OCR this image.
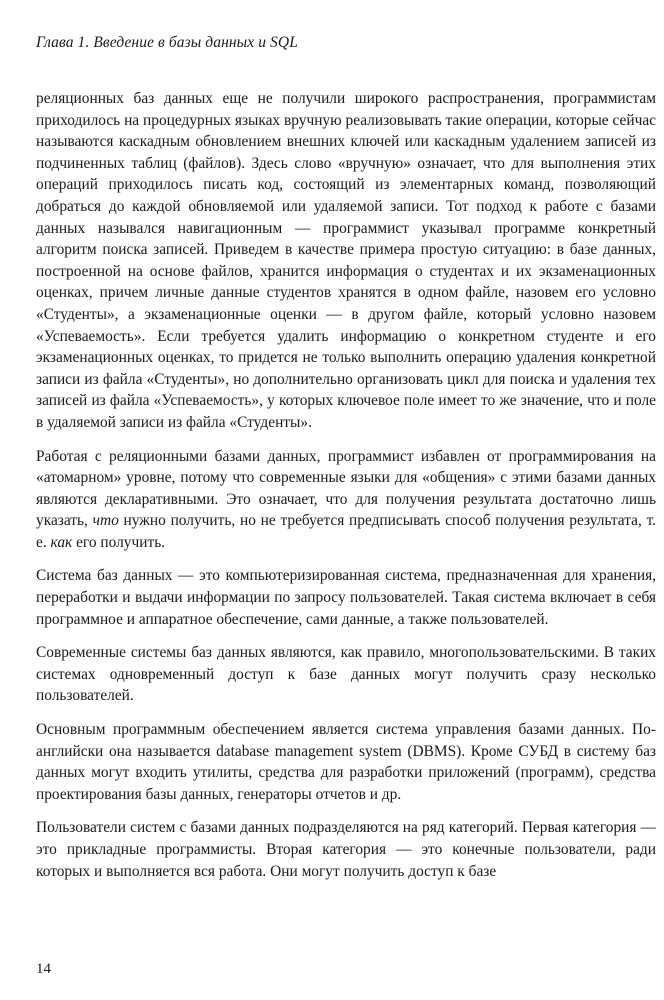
Глава 1. Введение в базы данных и SQL

реляционных баз данных еще не получили широкого распространения, программистам приходилось на процедурных языках вручную реализовывать такие операции, которые сейчас называются каскадным обновлением внешних ключей или каскадным удалением записей из подчиненных таблиц (файлов). Здесь слово «вручную» означает, что для выполнения этих операций приходилось писать код, состоящий из элементарных команд, позволяющий добраться до каждой обновляемой или удаляемой записи. Тот подход к работе с базами данных назывался навигационным — программист указывал программе конкретный алгоритм поиска записей. Приведем в качестве примера простую ситуацию: в базе данных, построенной на основе файлов, хранится информация о студентах и их экзаменационных оценках, причем личные данные студентов хранятся в одном файле, назовем его условно «Студенты», а экзаменационные оценки — в другом файле, который условно назовем «Успеваемость». Если требуется удалить информацию о конкретном студенте и его экзаменационных оценках, то придется не только выполнить операцию удаления конкретной записи из файла «Студенты», но дополнительно организовать цикл для поиска и удаления тех записей из файла «Успеваемость», у которых ключевое поле имеет то же значение, что и поле в удаляемой записи из файла «Студенты».

Работая с реляционными базами данных, программист избавлен от программирования на «атомарном» уровне, потому что современные языки для «общения» с этими базами данных являются декларативными. Это означает, что для получения результата достаточно лишь указать, что нужно получить, но не требуется предписывать способ получения результата, т. е. как его получить.

Система баз данных — это компьютеризированная система, предназначенная для хранения, переработки и выдачи информации по запросу пользователей. Такая система включает в себя программное и аппаратное обеспечение, сами данные, а также пользователей.

Современные системы баз данных являются, как правило, многопользовательскими. В таких системах одновременный доступ к базе данных могут получить сразу несколько пользователей.

Основным программным обеспечением является система управления базами данных. По-английски она называется database management system (DBMS). Кроме СУБД в систему баз данных могут входить утилиты, средства для разработки приложений (программ), средства проектирования базы данных, генераторы отчетов и др.

Пользователи систем с базами данных подразделяются на ряд категорий. Первая категория — это прикладные программисты. Вторая категория — это конечные пользователи, ради которых и выполняется вся работа. Они могут получить доступ к базе

14
